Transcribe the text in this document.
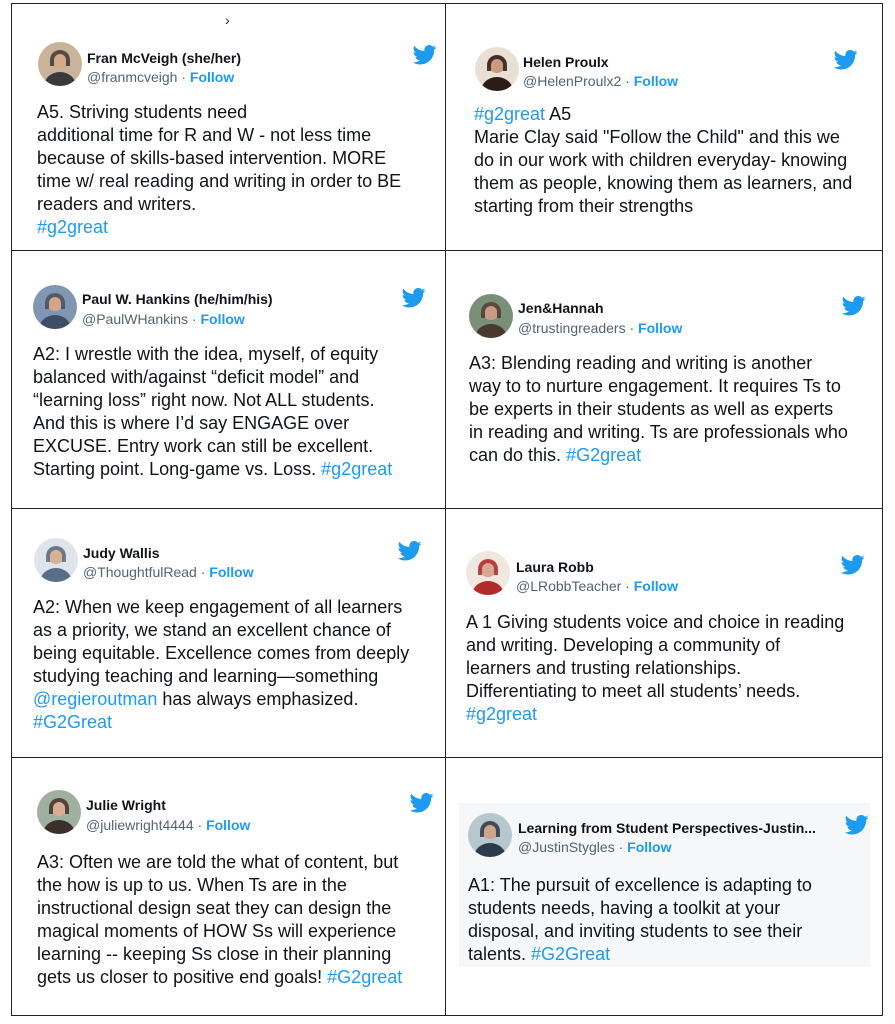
›
Fran McVeigh (she/her)
@franmcveigh · Follow
A5. Striving students need
additional time for R and W - not less time
because of skills-based intervention. MORE
time w/ real reading and writing in order to BE
readers and writers.
#g2great
Helen Proulx
@HelenProulx2 · Follow
#g2great A5
Marie Clay said "Follow the Child" and this we
do in our work with children everyday- knowing
them as people, knowing them as learners, and
starting from their strengths
Paul W. Hankins (he/him/his)
@PaulWHankins · Follow
A2: I wrestle with the idea, myself, of equity
balanced with/against “deficit model” and
“learning loss” right now. Not ALL students.
And this is where I’d say ENGAGE over
EXCUSE. Entry work can still be excellent.
Starting point. Long-game vs. Loss. #g2great
Jen&Hannah
@trustingreaders · Follow
A3: Blending reading and writing is another
way to to nurture engagement. It requires Ts to
be experts in their students as well as experts
in reading and writing. Ts are professionals who
can do this. #G2great
Judy Wallis
@ThoughtfulRead · Follow
A2: When we keep engagement of all learners
as a priority, we stand an excellent chance of
being equitable. Excellence comes from deeply
studying teaching and learning—something
@regieroutman has always emphasized.
#G2Great
Laura Robb
@LRobbTeacher · Follow
A 1 Giving students voice and choice in reading
and writing. Developing a community of
learners and trusting relationships.
Differentiating to meet all students’ needs.
#g2great
Julie Wright
@juliewright4444 · Follow
A3: Often we are told the what of content, but
the how is up to us. When Ts are in the
instructional design seat they can design the
magical moments of HOW Ss will experience
learning -- keeping Ss close in their planning
gets us closer to positive end goals! #G2great
Learning from Student Perspectives-Justin...
@JustinStygles · Follow
A1: The pursuit of excellence is adapting to
students needs, having a toolkit at your
disposal, and inviting students to see their
talents. #G2Great
